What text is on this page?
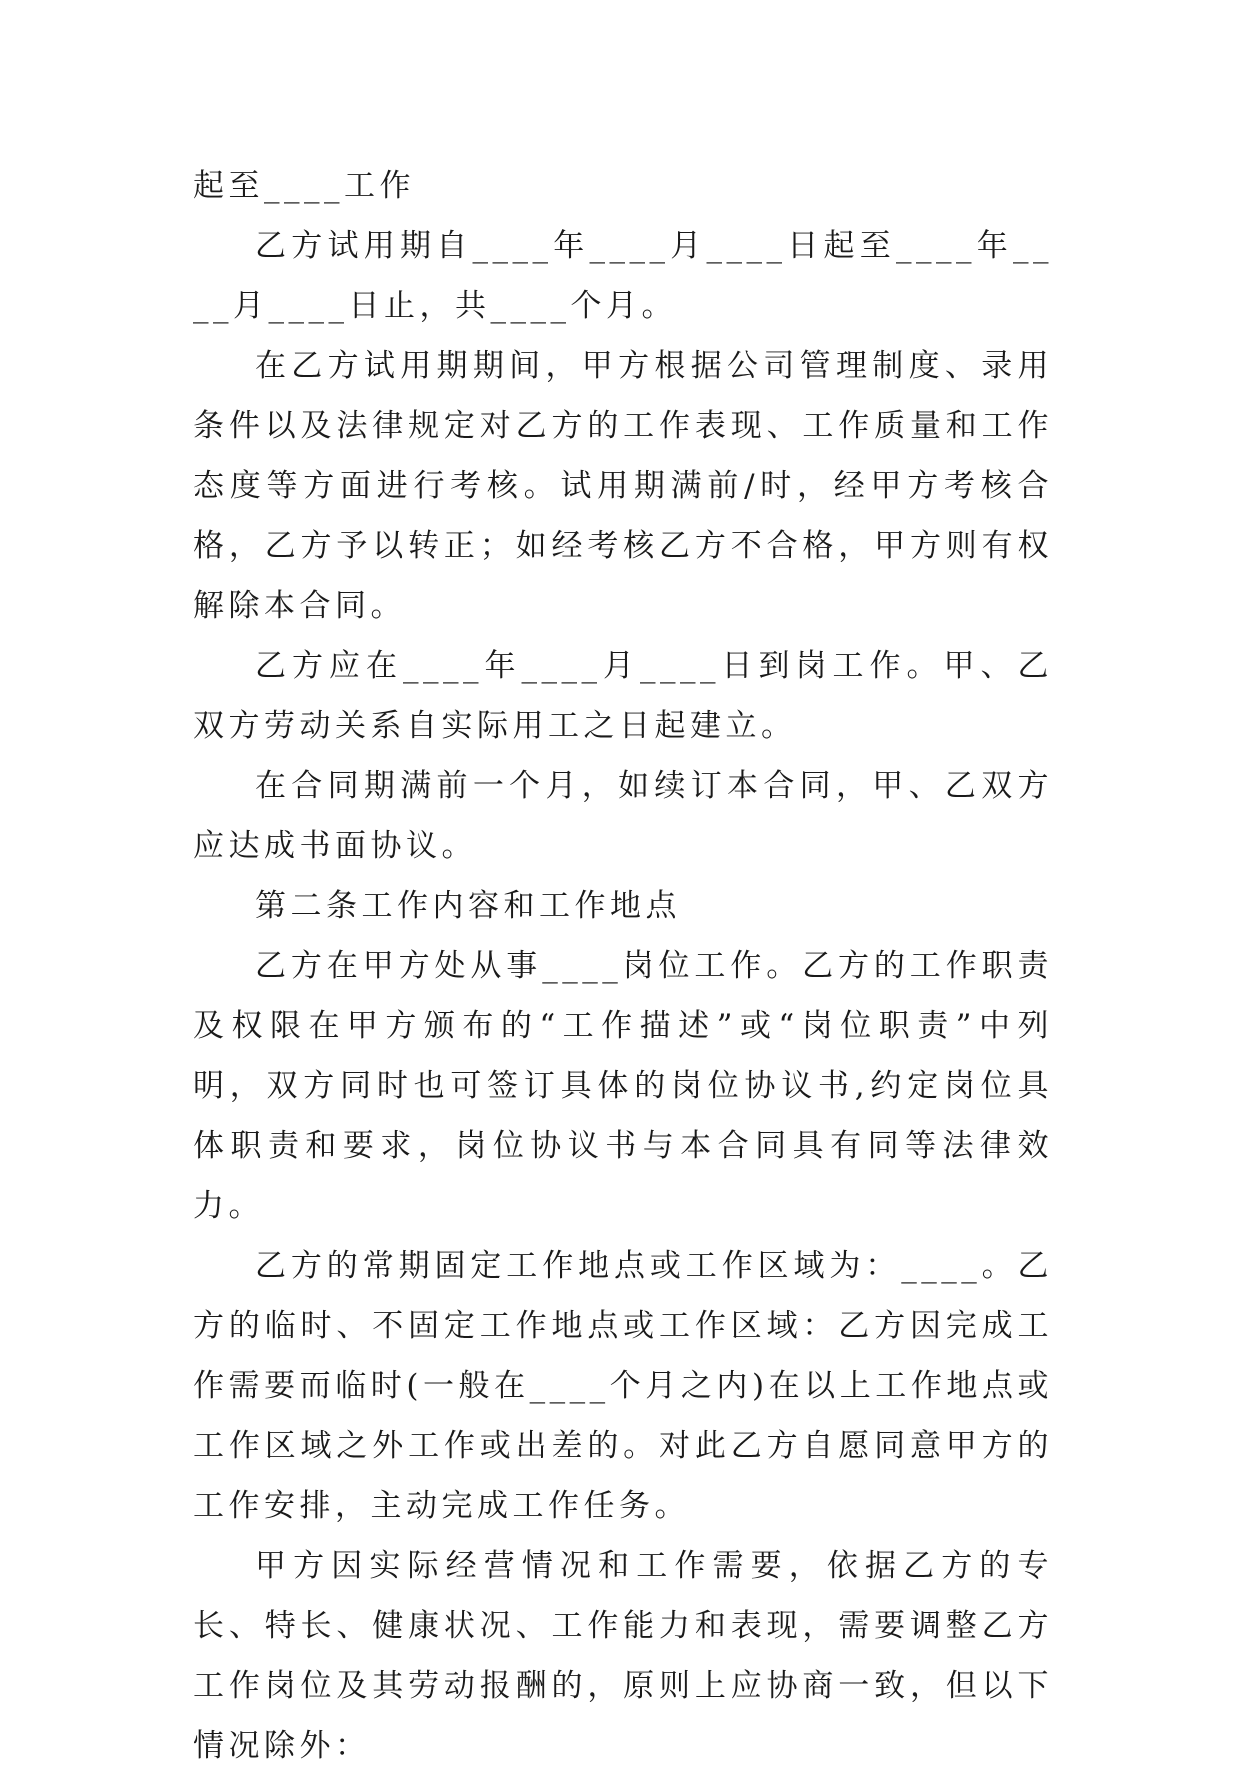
起至____工作

乙方试用期自____年____月____日起至____年____月____日止，共____个月。

在乙方试用期期间，甲方根据公司管理制度、录用条件以及法律规定对乙方的工作表现、工作质量和工作态度等方面进行考核。试用期满前/时，经甲方考核合格，乙方予以转正；如经考核乙方不合格，甲方则有权解除本合同。

乙方应在____年____月____日到岗工作。甲、乙双方劳动关系自实际用工之日起建立。

在合同期满前一个月，如续订本合同，甲、乙双方应达成书面协议。

第二条工作内容和工作地点

乙方在甲方处从事____岗位工作。乙方的工作职责及权限在甲方颁布的“工作描述”或“岗位职责”中列明，双方同时也可签订具体的岗位协议书,约定岗位具体职责和要求，岗位协议书与本合同具有同等法律效力。

乙方的常期固定工作地点或工作区域为：____。乙方的临时、不固定工作地点或工作区域：乙方因完成工作需要而临时(一般在____个月之内)在以上工作地点或工作区域之外工作或出差的。对此乙方自愿同意甲方的工作安排，主动完成工作任务。

甲方因实际经营情况和工作需要，依据乙方的专长、特长、健康状况、工作能力和表现，需要调整乙方工作岗位及其劳动报酬的，原则上应协商一致，但以下情况除外：
